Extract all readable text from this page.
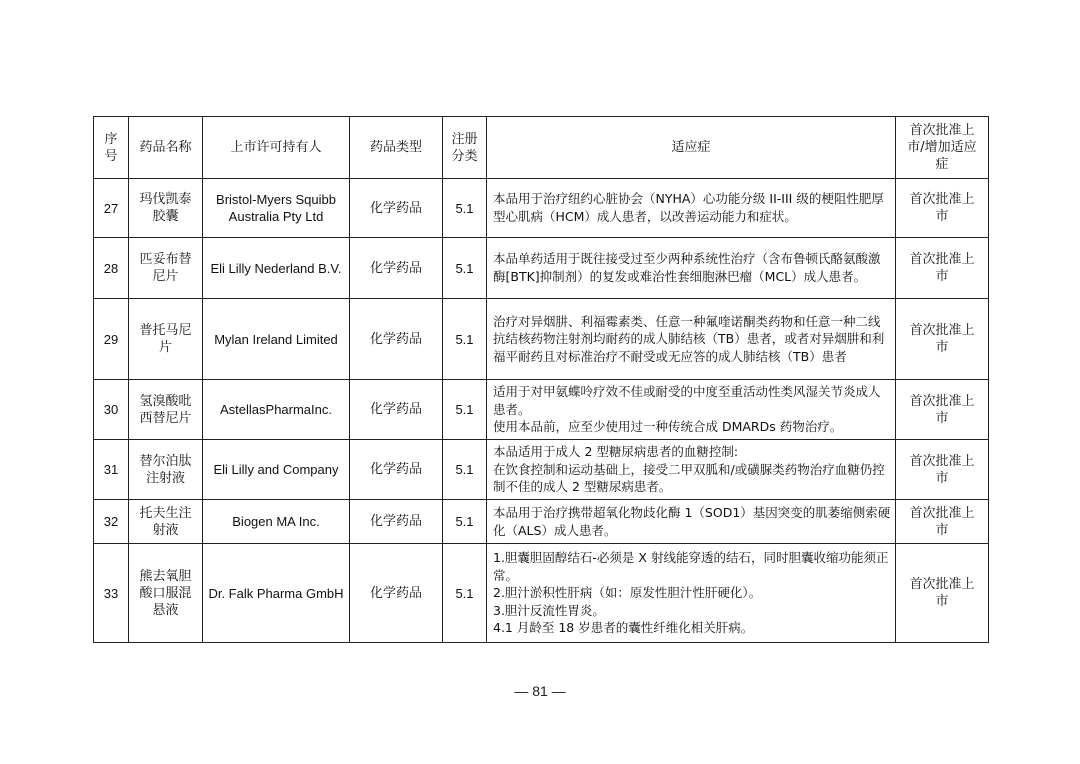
序号	药品名称	上市许可持有人	药品类型	注册分类	适应症	首次批准上市/增加适应症
27	玛伐凯泰胶囊	Bristol-Myers Squibb Australia Pty Ltd	化学药品	5.1	本品用于治疗纽约心脏协会（NYHA）心功能分级 II-III 级的梗阻性肥厚型心肌病（HCM）成人患者，以改善运动能力和症状。	首次批准上市
28	匹妥布替尼片	Eli Lilly Nederland B.V.	化学药品	5.1	本品单药适用于既往接受过至少两种系统性治疗（含布鲁顿氏酪氨酸激酶[BTK]抑制剂）的复发或难治性套细胞淋巴瘤（MCL）成人患者。	首次批准上市
29	普托马尼片	Mylan Ireland Limited	化学药品	5.1	治疗对异烟肼、利福霉素类、任意一种氟喹诺酮类药物和任意一种二线抗结核药物注射剂均耐药的成人肺结核（TB）患者，或者对异烟肼和利福平耐药且对标准治疗不耐受或无应答的成人肺结核（TB）患者	首次批准上市
30	氢溴酸吡西替尼片	AstellasPharmaInc.	化学药品	5.1	适用于对甲氨蝶呤疗效不佳或耐受的中度至重活动性类风湿关节炎成人患者。
使用本品前，应至少使用过一种传统合成 DMARDs 药物治疗。	首次批准上市
31	替尔泊肽注射液	Eli Lilly and Company	化学药品	5.1	本品适用于成人 2 型糖尿病患者的血糖控制:
在饮食控制和运动基础上，接受二甲双胍和/或磺脲类药物治疗血糖仍控制不佳的成人 2 型糖尿病患者。	首次批准上市
32	托夫生注射液	Biogen MA Inc.	化学药品	5.1	本品用于治疗携带超氧化物歧化酶 1（SOD1）基因突变的肌萎缩侧索硬化（ALS）成人患者。	首次批准上市
33	熊去氧胆酸口服混悬液	Dr. Falk Pharma GmbH	化学药品	5.1	1.胆囊胆固醇结石-必须是 X 射线能穿透的结石，同时胆囊收缩功能须正常。
2.胆汁淤积性肝病（如：原发性胆汁性肝硬化）。
3.胆汁反流性胃炎。
4.1 月龄至 18 岁患者的囊性纤维化相关肝病。	首次批准上市
— 81 —
